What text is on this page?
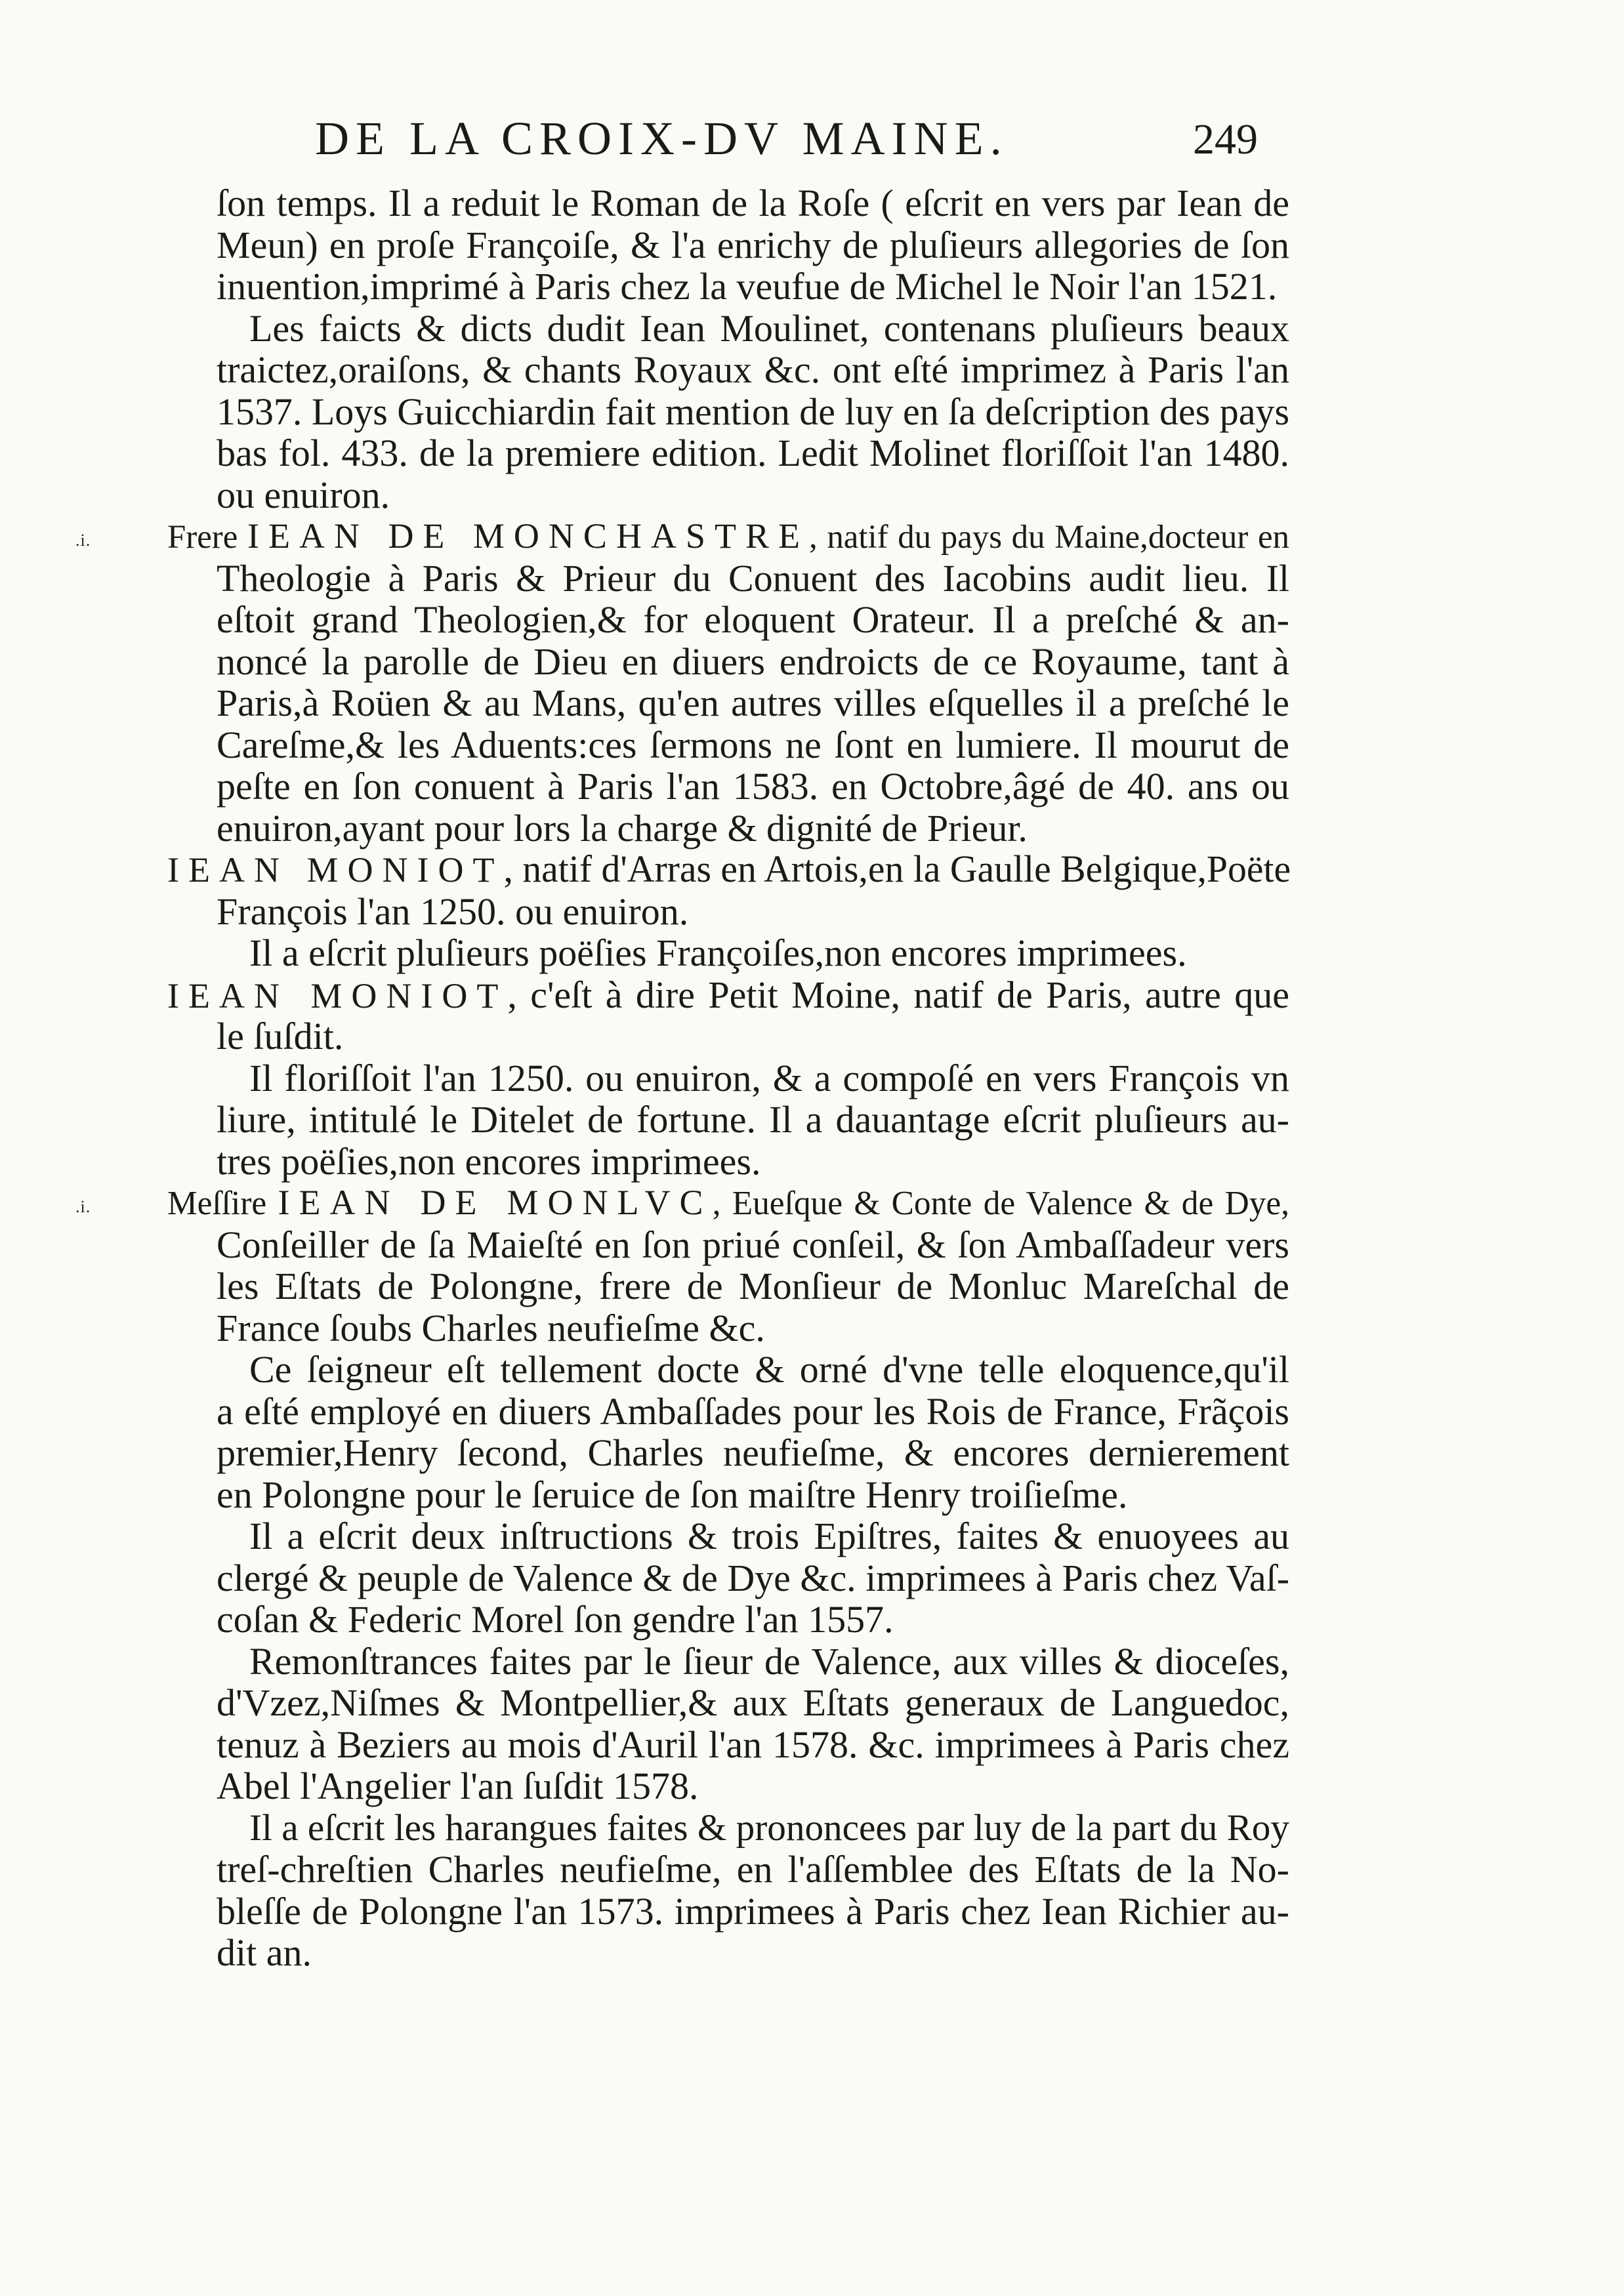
DE LA CROIX-DV MAINE.	249
ſon temps. Il a reduit le Roman de la Roſe ( eſcrit en vers par Iean de
Meun) en proſe Françoiſe, & l'a enrichy de pluſieurs allegories de ſon
inuention,imprimé à Paris chez la veufue de Michel le Noir l'an 1521.
Les faicts & dicts dudit Iean Moulinet, contenans pluſieurs beaux
traictez,oraiſons, & chants Royaux &c. ont eſté imprimez à Paris l'an
1537. Loys Guicchiardin fait mention de luy en ſa deſcription des pays
bas fol. 433. de la premiere edition. Ledit Molinet floriſſoit l'an 1480.
ou enuiron.
.i. Frere IEAN DE MONCHASTRE, natif du pays du Maine,docteur en
Theologie à Paris & Prieur du Conuent des Iacobins audit lieu. Il
eſtoit grand Theologien,& for eloquent Orateur. Il a preſché & an-
noncé la parolle de Dieu en diuers endroicts de ce Royaume, tant à
Paris,à Roüen & au Mans, qu'en autres villes eſquelles il a preſché le
Careſme,& les Aduents:ces ſermons ne ſont en lumiere. Il mourut de
peſte en ſon conuent à Paris l'an 1583. en Octobre,âgé de 40. ans ou
enuiron,ayant pour lors la charge & dignité de Prieur.
IEAN MONIOT, natif d'Arras en Artois,en la Gaulle Belgique,Poëte
François l'an 1250. ou enuiron.
Il a eſcrit pluſieurs poëſies Françoiſes,non encores imprimees.
IEAN MONIOT, c'eſt à dire Petit Moine, natif de Paris, autre que
le ſuſdit.
Il floriſſoit l'an 1250. ou enuiron, & a compoſé en vers François vn
liure, intitulé le Ditelet de fortune. Il a dauantage eſcrit pluſieurs au-
tres poëſies,non encores imprimees.
.i. Meſſire IEAN DE MONLVC, Eueſque & Conte de Valence & de Dye,
Conſeiller de ſa Maieſté en ſon priué conſeil, & ſon Ambaſſadeur vers
les Eſtats de Polongne, frere de Monſieur de Monluc Mareſchal de
France ſoubs Charles neufieſme &c.
Ce ſeigneur eſt tellement docte & orné d'vne telle eloquence,qu'il
a eſté employé en diuers Ambaſſades pour les Rois de France, Frãçois
premier,Henry ſecond, Charles neufieſme, & encores dernierement
en Polongne pour le ſeruice de ſon maiſtre Henry troiſieſme.
Il a eſcrit deux inſtructions & trois Epiſtres, faites & enuoyees au
clergé & peuple de Valence & de Dye &c. imprimees à Paris chez Vaſ-
coſan & Federic Morel ſon gendre l'an 1557.
Remonſtrances faites par le ſieur de Valence, aux villes & dioceſes,
d'Vzez,Niſmes & Montpellier,& aux Eſtats generaux de Languedoc,
tenuz à Beziers au mois d'Auril l'an 1578. &c. imprimees à Paris chez
Abel l'Angelier l'an ſuſdit 1578.
Il a eſcrit les harangues faites & prononcees par luy de la part du Roy
treſ-chreſtien Charles neufieſme, en l'aſſemblee des Eſtats de la No-
bleſſe de Polongne l'an 1573. imprimees à Paris chez Iean Richier au-
dit an.
